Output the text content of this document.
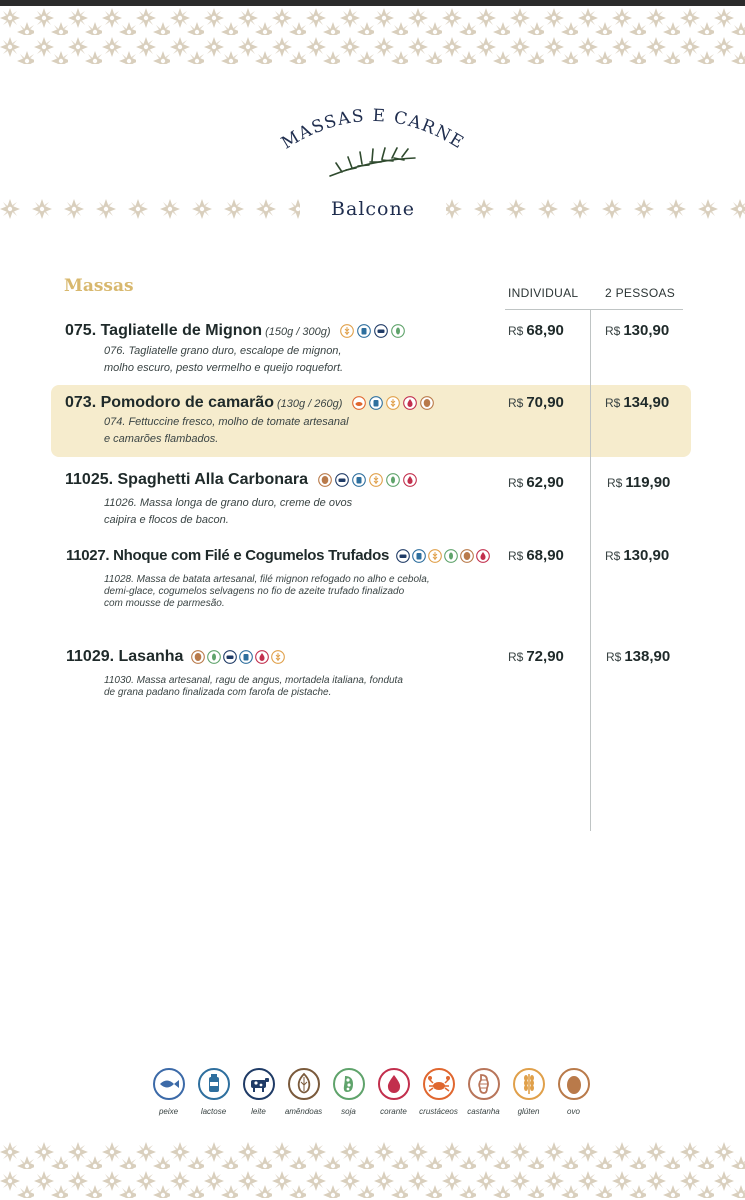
MASSAS E CARNE
Balcone
Massas	INDIVIDUAL 2 PESSOAS
075. Tagliatelle de Mignon (150g / 300g)
076. Tagliatelle grano duro, escalope de mignon,
molho escuro, pesto vermelho e queijo roquefort.
R$ 68,90	R$ 130,90
073. Pomodoro de camarão (130g / 260g)
074. Fettuccine fresco, molho de tomate artesanal
e camarões flambados.
R$ 70,90	R$ 134,90
11025. Spaghetti Alla Carbonara
11026. Massa longa de grano duro, creme de ovos
caipira e flocos de bacon.
R$ 62,90	R$ 119,90
11027. Nhoque com Filé e Cogumelos Trufados
11028. Massa de batata artesanal, filé mignon refogado no alho e cebola,
demi-glace, cogumelos selvagens no fio de azeite trufado finalizado
com mousse de parmesão.
R$ 68,90	R$ 130,90
11029. Lasanha
11030. Massa artesanal, ragu de angus, mortadela italiana, fonduta
de grana padano finalizada com farofa de pistache.
R$ 72,90	R$ 138,90
peixe	lactose	leite amêndoas soja	corante crustáceos castanha glúten	ovo
